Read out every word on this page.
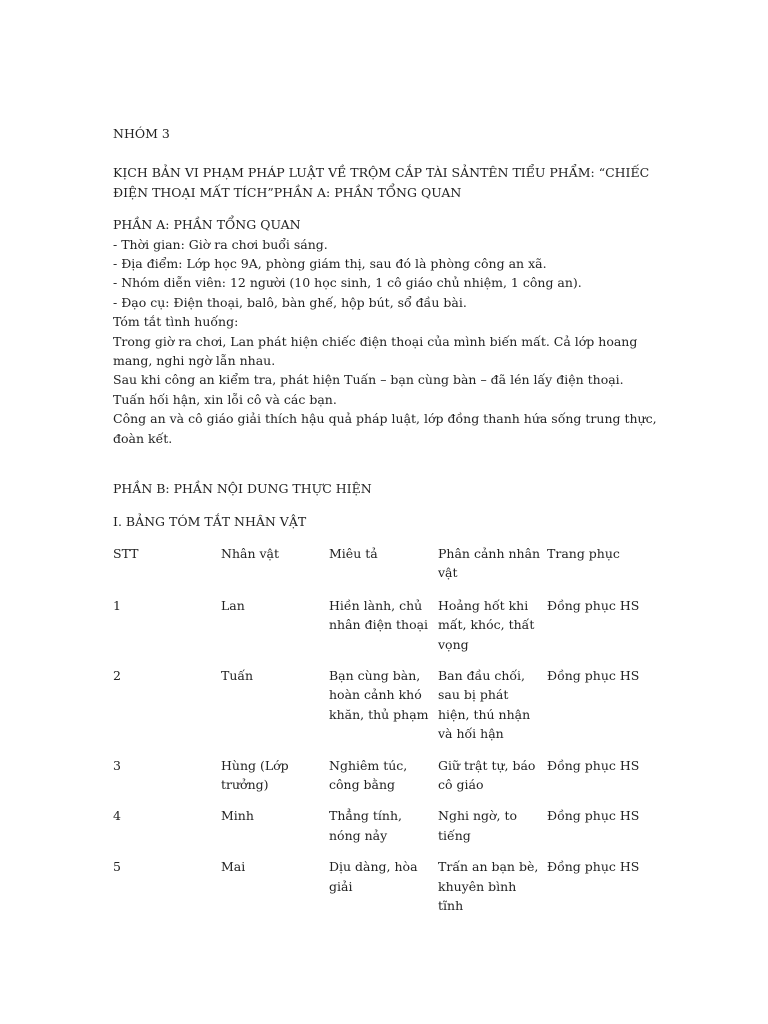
NHÓM 3

KỊCH BẢN VI PHẠM PHÁP LUẬT VỀ TRỘM CẮP TÀI SẢNTÊN TIỂU PHẨM: “CHIẾC ĐIỆN THOẠI MẤT TÍCH”PHẦN A: PHẦN TỔNG QUAN

PHẦN A: PHẦN TỔNG QUAN

- Thời gian: Giờ ra chơi buổi sáng.

- Địa điểm: Lớp học 9A, phòng giám thị, sau đó là phòng công an xã.

- Nhóm diễn viên: 12 người (10 học sinh, 1 cô giáo chủ nhiệm, 1 công an).

- Đạo cụ: Điện thoại, balô, bàn ghế, hộp bút, sổ đầu bài.

Tóm tắt tình huống:

Trong giờ ra chơi, Lan phát hiện chiếc điện thoại của mình biến mất. Cả lớp hoang mang, nghi ngờ lẫn nhau.

Sau khi công an kiểm tra, phát hiện Tuấn – bạn cùng bàn – đã lén lấy điện thoại. Tuấn hối hận, xin lỗi cô và các bạn.

Công an và cô giáo giải thích hậu quả pháp luật, lớp đồng thanh hứa sống trung thực, đoàn kết.

PHẦN B: PHẦN NỘI DUNG THỰC HIỆN

I. BẢNG TÓM TẮT NHÂN VẬT

STT	Nhân vật	Miêu tả	Phân cảnh nhân vật	Trang phục
1	Lan	Hiền lành, chủ nhân điện thoại	Hoảng hốt khi mất, khóc, thất vọng	Đồng phục HS
2	Tuấn	Bạn cùng bàn, hoàn cảnh khó khăn, thủ phạm	Ban đầu chối, sau bị phát hiện, thú nhận và hối hận	Đồng phục HS
3	Hùng (Lớp trưởng)	Nghiêm túc, công bằng	Giữ trật tự, báo cô giáo	Đồng phục HS
4	Minh	Thẳng tính, nóng nảy	Nghi ngờ, to tiếng	Đồng phục HS
5	Mai	Dịu dàng, hòa giải	Trấn an bạn bè, khuyên bình tĩnh	Đồng phục HS
